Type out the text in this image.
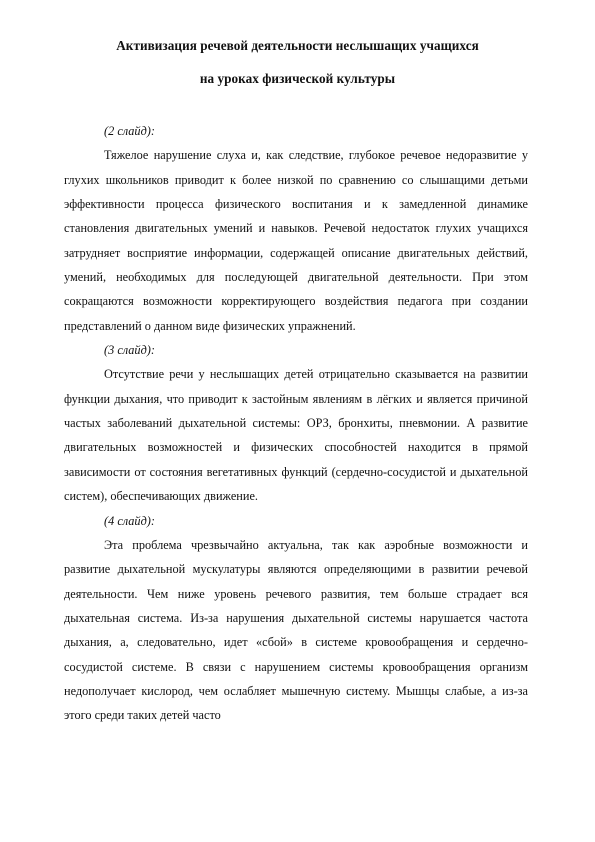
Активизация речевой деятельности неслышащих учащихся

на уроках физической культуры

(2 слайд):

Тяжелое нарушение слуха и, как следствие, глубокое речевое недоразвитие у глухих школьников приводит к более низкой по сравнению со слышащими детьми эффективности процесса физического воспитания и к замедленной динамике становления двигательных умений и навыков. Речевой недостаток глухих учащихся затрудняет восприятие информации, содержащей описание двигательных действий, умений, необходимых для последующей двигательной деятельности. При этом сокращаются возможности корректирующего воздействия педагога при создании представлений о данном виде физических упражнений.

(3 слайд):

Отсутствие речи у неслышащих детей отрицательно сказывается на развитии функции дыхания, что приводит к застойным явлениям в лёгких и является причиной частых заболеваний дыхательной системы: ОРЗ, бронхиты, пневмонии. А развитие двигательных возможностей и физических способностей находится в прямой зависимости от состояния вегетативных функций (сердечно-сосудистой и дыхательной систем), обеспечивающих движение.

(4 слайд):

Эта проблема чрезвычайно актуальна, так как аэробные возможности и развитие дыхательной мускулатуры являются определяющими в развитии речевой деятельности. Чем ниже уровень речевого развития, тем больше страдает вся дыхательная система. Из-за нарушения дыхательной системы нарушается частота дыхания, а, следовательно, идет «сбой» в системе кровообращения и сердечно-сосудистой системе. В связи с нарушением системы кровообращения организм недополучает кислород, чем ослабляет мышечную систему. Мышцы слабые, а из-за этого среди таких детей часто
